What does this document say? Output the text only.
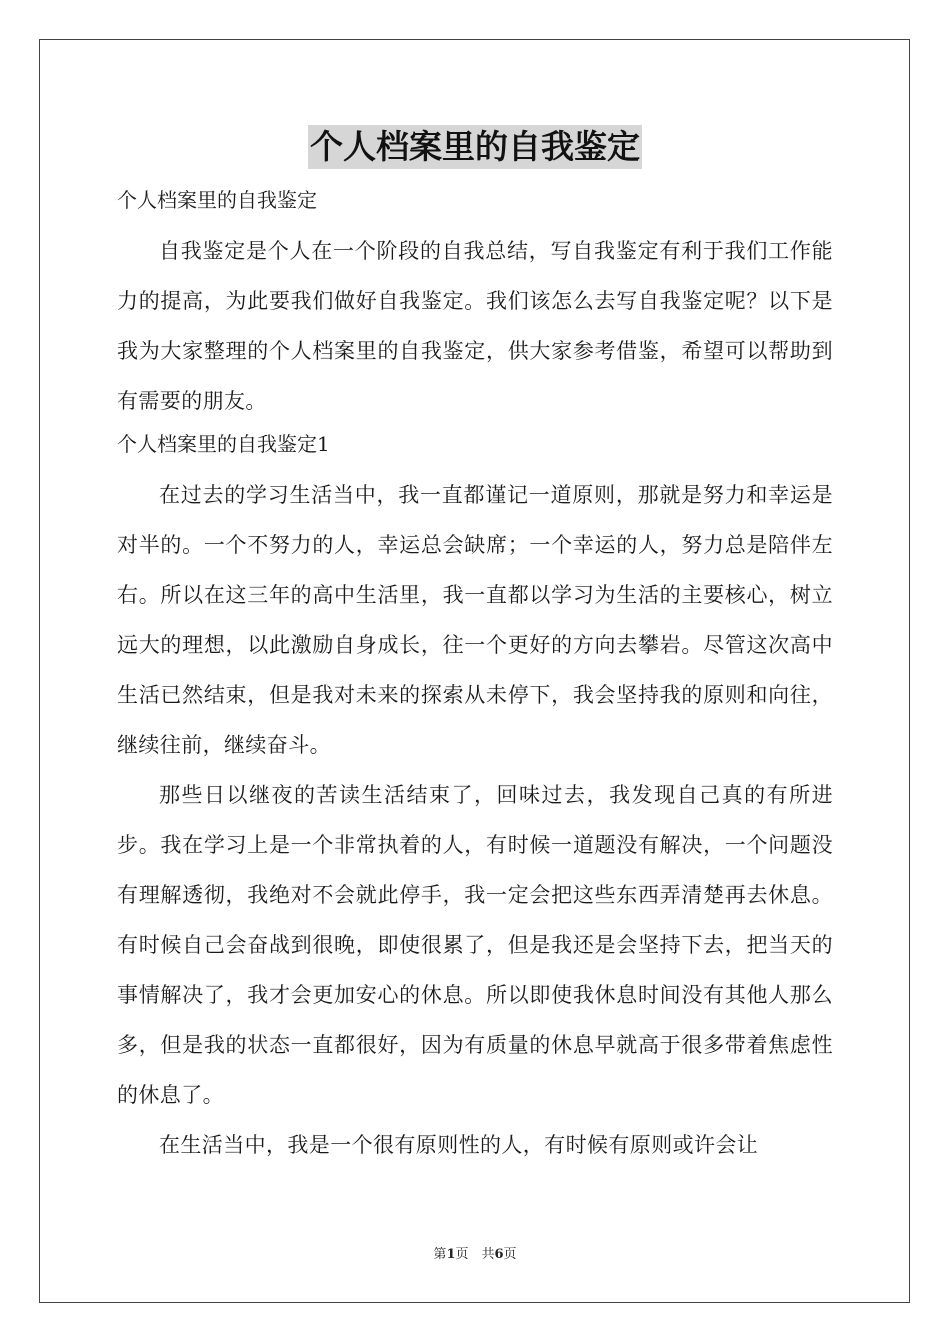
个人档案里的自我鉴定

个人档案里的自我鉴定

自我鉴定是个人在一个阶段的自我总结，写自我鉴定有利于我们工作能力的提高，为此要我们做好自我鉴定。我们该怎么去写自我鉴定呢？以下是我为大家整理的个人档案里的自我鉴定，供大家参考借鉴，希望可以帮助到有需要的朋友。

个人档案里的自我鉴定1

在过去的学习生活当中，我一直都谨记一道原则，那就是努力和幸运是对半的。一个不努力的人，幸运总会缺席；一个幸运的人，努力总是陪伴左右。所以在这三年的高中生活里，我一直都以学习为生活的主要核心，树立远大的理想，以此激励自身成长，往一个更好的方向去攀岩。尽管这次高中生活已然结束，但是我对未来的探索从未停下，我会坚持我的原则和向往，继续往前，继续奋斗。

那些日以继夜的苦读生活结束了，回味过去，我发现自己真的有所进步。我在学习上是一个非常执着的人，有时候一道题没有解决，一个问题没有理解透彻，我绝对不会就此停手，我一定会把这些东西弄清楚再去休息。有时候自己会奋战到很晚，即使很累了，但是我还是会坚持下去，把当天的事情解决了，我才会更加安心的休息。所以即使我休息时间没有其他人那么多，但是我的状态一直都很好，因为有质量的休息早就高于很多带着焦虑性的休息了。

在生活当中，我是一个很有原则性的人，有时候有原则或许会让

第1页　共6页
